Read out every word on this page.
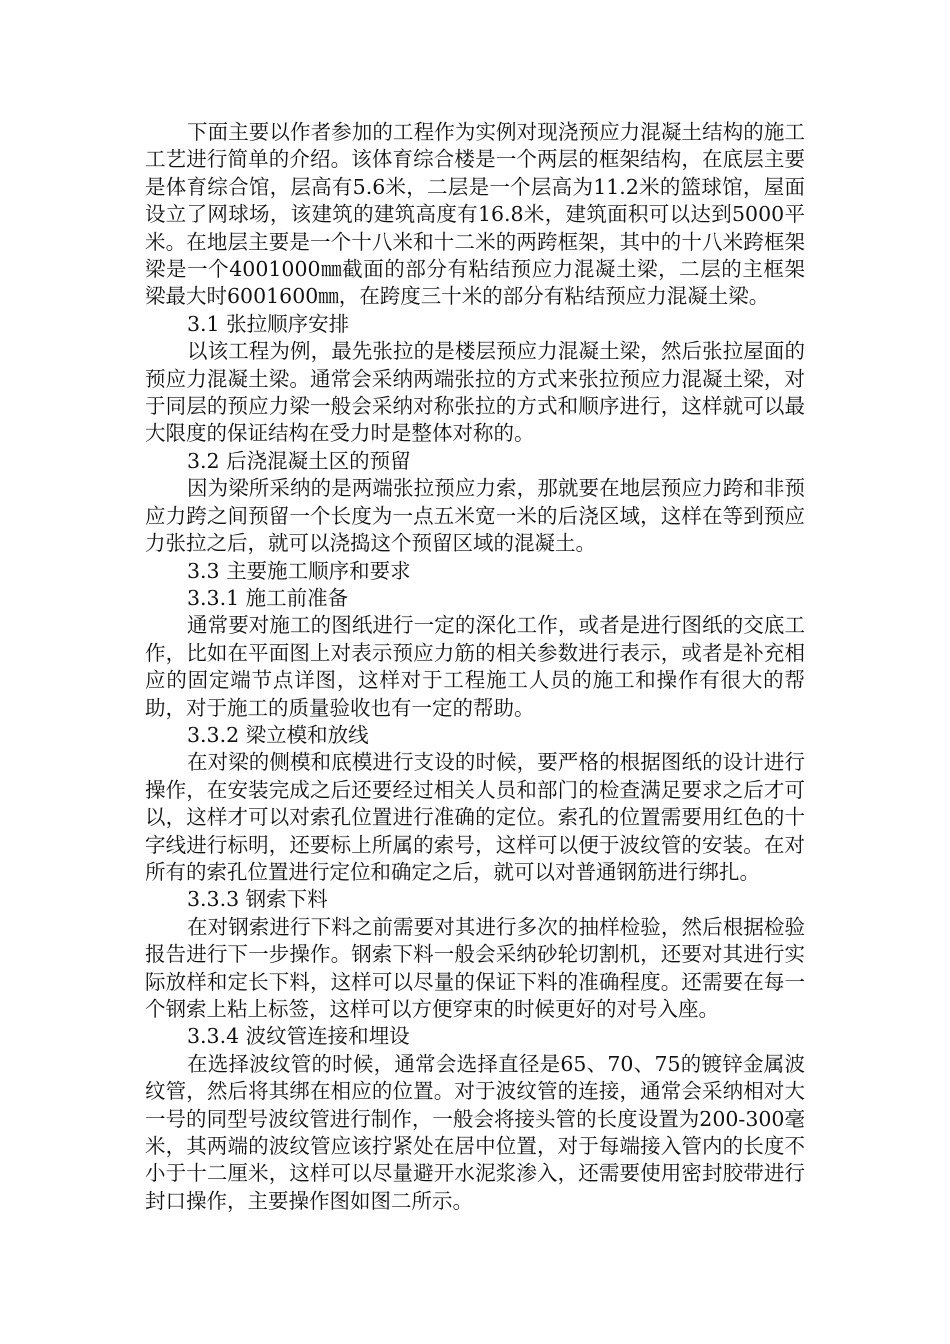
下面主要以作者参加的工程作为实例对现浇预应力混凝土结构的施工工艺进行简单的介绍。该体育综合楼是一个两层的框架结构，在底层主要是体育综合馆，层高有5.6米，二层是一个层高为11.2米的篮球馆，屋面设立了网球场，该建筑的建筑高度有16.8米，建筑面积可以达到5000平米。在地层主要是一个十八米和十二米的两跨框架，其中的十八米跨框架梁是一个4001000㎜截面的部分有粘结预应力混凝土梁，二层的主框架梁最大时6001600㎜，在跨度三十米的部分有粘结预应力混凝土梁。

3.1 张拉顺序安排

以该工程为例，最先张拉的是楼层预应力混凝土梁，然后张拉屋面的预应力混凝土梁。通常会采纳两端张拉的方式来张拉预应力混凝土梁，对于同层的预应力梁一般会采纳对称张拉的方式和顺序进行，这样就可以最大限度的保证结构在受力时是整体对称的。

3.2 后浇混凝土区的预留

因为梁所采纳的是两端张拉预应力索，那就要在地层预应力跨和非预应力跨之间预留一个长度为一点五米宽一米的后浇区域，这样在等到预应力张拉之后，就可以浇捣这个预留区域的混凝土。

3.3 主要施工顺序和要求

3.3.1 施工前准备

通常要对施工的图纸进行一定的深化工作，或者是进行图纸的交底工作，比如在平面图上对表示预应力筋的相关参数进行表示，或者是补充相应的固定端节点详图，这样对于工程施工人员的施工和操作有很大的帮助，对于施工的质量验收也有一定的帮助。

3.3.2 梁立模和放线

在对梁的侧模和底模进行支设的时候，要严格的根据图纸的设计进行操作，在安装完成之后还要经过相关人员和部门的检查满足要求之后才可以，这样才可以对索孔位置进行准确的定位。索孔的位置需要用红色的十字线进行标明，还要标上所属的索号，这样可以便于波纹管的安装。在对所有的索孔位置进行定位和确定之后，就可以对普通钢筋进行绑扎。

3.3.3 钢索下料

在对钢索进行下料之前需要对其进行多次的抽样检验，然后根据检验报告进行下一步操作。钢索下料一般会采纳砂轮切割机，还要对其进行实际放样和定长下料，这样可以尽量的保证下料的准确程度。还需要在每一个钢索上粘上标签，这样可以方便穿束的时候更好的对号入座。

3.3.4 波纹管连接和埋设

在选择波纹管的时候，通常会选择直径是65、70、75的镀锌金属波纹管，然后将其绑在相应的位置。对于波纹管的连接，通常会采纳相对大一号的同型号波纹管进行制作，一般会将接头管的长度设置为200-300毫米，其两端的波纹管应该拧紧处在居中位置，对于每端接入管内的长度不小于十二厘米，这样可以尽量避开水泥浆渗入，还需要使用密封胶带进行封口操作，主要操作图如图二所示。
